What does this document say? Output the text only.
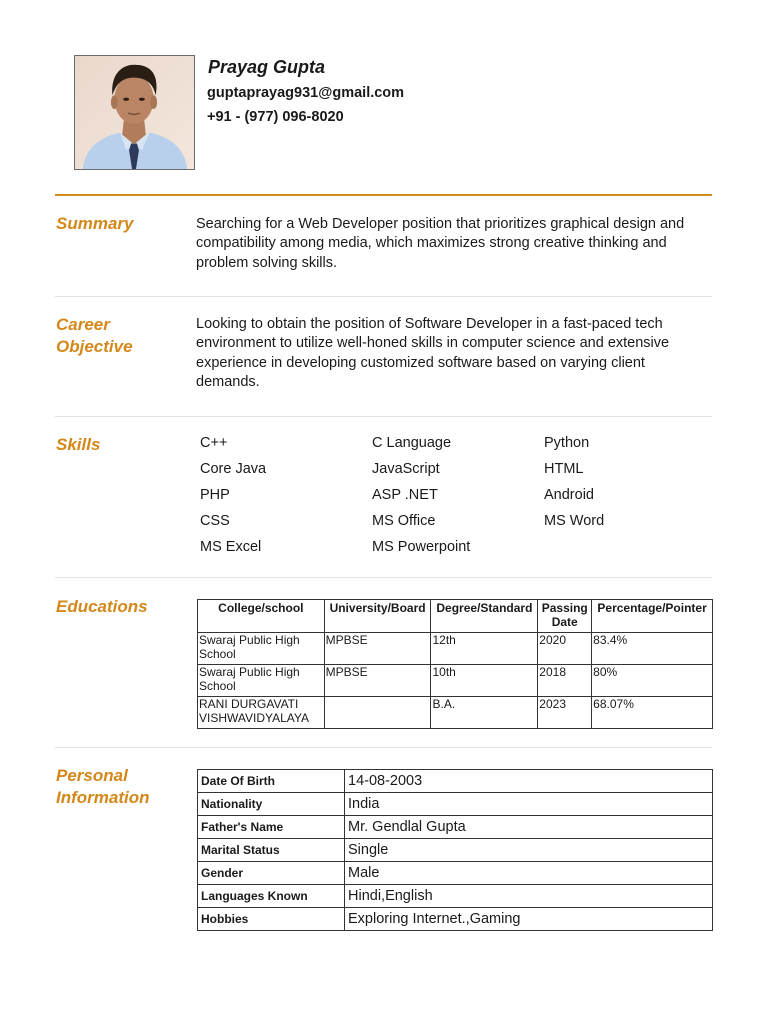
Prayag Gupta
guptaprayag931@gmail.com
+91 - (977) 096-8020
Summary	Searching for a Web Developer position that prioritizes graphical design and compatibility among media, which maximizes strong creative thinking and problem solving skills.
Career
Objective
Looking to obtain the position of Software Developer in a fast-paced tech environment to utilize well-honed skills in computer science and extensive experience in developing customized software based on varying client demands.
Skills	C++	C Language	Python
Core Java	JavaScript	HTML
PHP	ASP .NET	Android
CSS	MS Office	MS Word
MS Excel	MS Powerpoint
Educations	College/school	University/Board	Degree/Standard	Passing Date	Percentage/Pointer
Swaraj Public High School	MPBSE	12th	2020	83.4%
Swaraj Public High School	MPBSE	10th	2018	80%
RANI DURGAVATI VISHWAVIDYALAYA		B.A.	2023	68.07%
Personal
Information
Date Of Birth	14-08-2003
Nationality	India
Father's Name	Mr. Gendlal Gupta
Marital Status	Single
Gender	Male
Languages Known	Hindi,English
Hobbies	Exploring Internet.,Gaming
